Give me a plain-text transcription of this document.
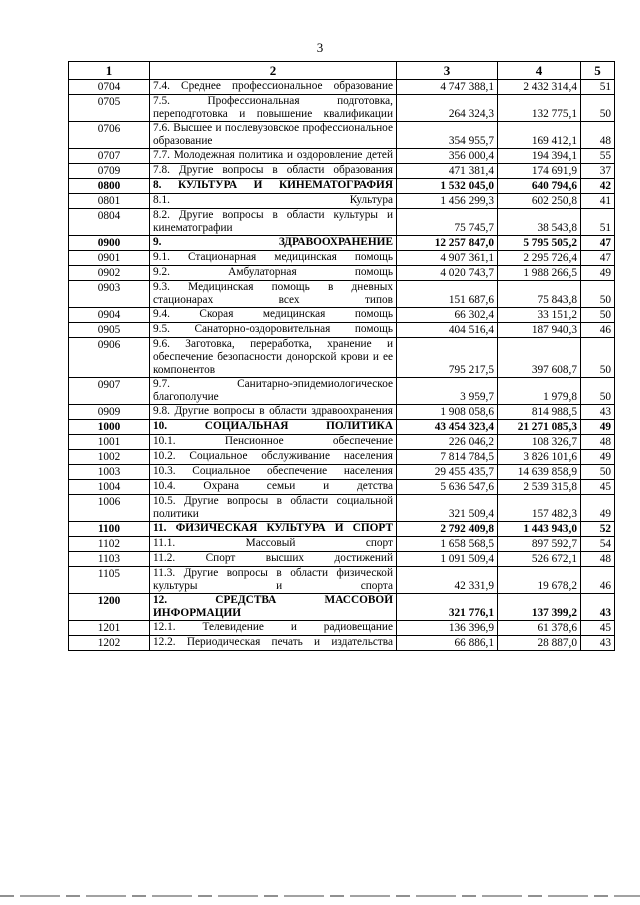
3
1	2	3	4	5
0704	7.4. Среднее профессиональное образование	4 747 388,1	2 432 314,4	51
0705	7.5. Профессиональная подготовка, переподготовка и повышение квалификации	264 324,3	132 775,1	50
0706	7.6. Высшее и послевузовское профессиональное образование	354 955,7	169 412,1	48
0707	7.7. Молодежная политика и оздоровление детей	356 000,4	194 394,1	55
0709	7.8. Другие вопросы в области образования	471 381,4	174 691,9	37
0800	8. КУЛЬТУРА И КИНЕМАТОГРАФИЯ	1 532 045,0	640 794,6	42
0801	8.1. Культура	1 456 299,3	602 250,8	41
0804	8.2. Другие вопросы в области культуры и кинематографии	75 745,7	38 543,8	51
0900	9. ЗДРАВООХРАНЕНИЕ	12 257 847,0	5 795 505,2	47
0901	9.1. Стационарная медицинская помощь	4 907 361,1	2 295 726,4	47
0902	9.2. Амбулаторная помощь	4 020 743,7	1 988 266,5	49
0903	9.3. Медицинская помощь в дневных стационарах всех типов	151 687,6	75 843,8	50
0904	9.4. Скорая медицинская помощь	66 302,4	33 151,2	50
0905	9.5. Санаторно-оздоровительная помощь	404 516,4	187 940,3	46
0906	9.6. Заготовка, переработка, хранение и обеспечение безопасности донорской крови и ее компонентов	795 217,5	397 608,7	50
0907	9.7. Санитарно-эпидемиологическое благополучие	3 959,7	1 979,8	50
0909	9.8. Другие вопросы в области здравоохранения	1 908 058,6	814 988,5	43
1000	10. СОЦИАЛЬНАЯ ПОЛИТИКА	43 454 323,4	21 271 085,3	49
1001	10.1. Пенсионное обеспечение	226 046,2	108 326,7	48
1002	10.2. Социальное обслуживание населения	7 814 784,5	3 826 101,6	49
1003	10.3. Социальное обеспечение населения	29 455 435,7	14 639 858,9	50
1004	10.4. Охрана семьи и детства	5 636 547,6	2 539 315,8	45
1006	10.5. Другие вопросы в области социальной политики	321 509,4	157 482,3	49
1100	11. ФИЗИЧЕСКАЯ КУЛЬТУРА И СПОРТ	2 792 409,8	1 443 943,0	52
1102	11.1. Массовый спорт	1 658 568,5	897 592,7	54
1103	11.2. Спорт высших достижений	1 091 509,4	526 672,1	48
1105	11.3. Другие вопросы в области физической культуры и спорта	42 331,9	19 678,2	46
1200	12. СРЕДСТВА МАССОВОЙ ИНФОРМАЦИИ	321 776,1	137 399,2	43
1201	12.1. Телевидение и радиовещание	136 396,9	61 378,6	45
1202	12.2. Периодическая печать и издательства	66 886,1	28 887,0	43
